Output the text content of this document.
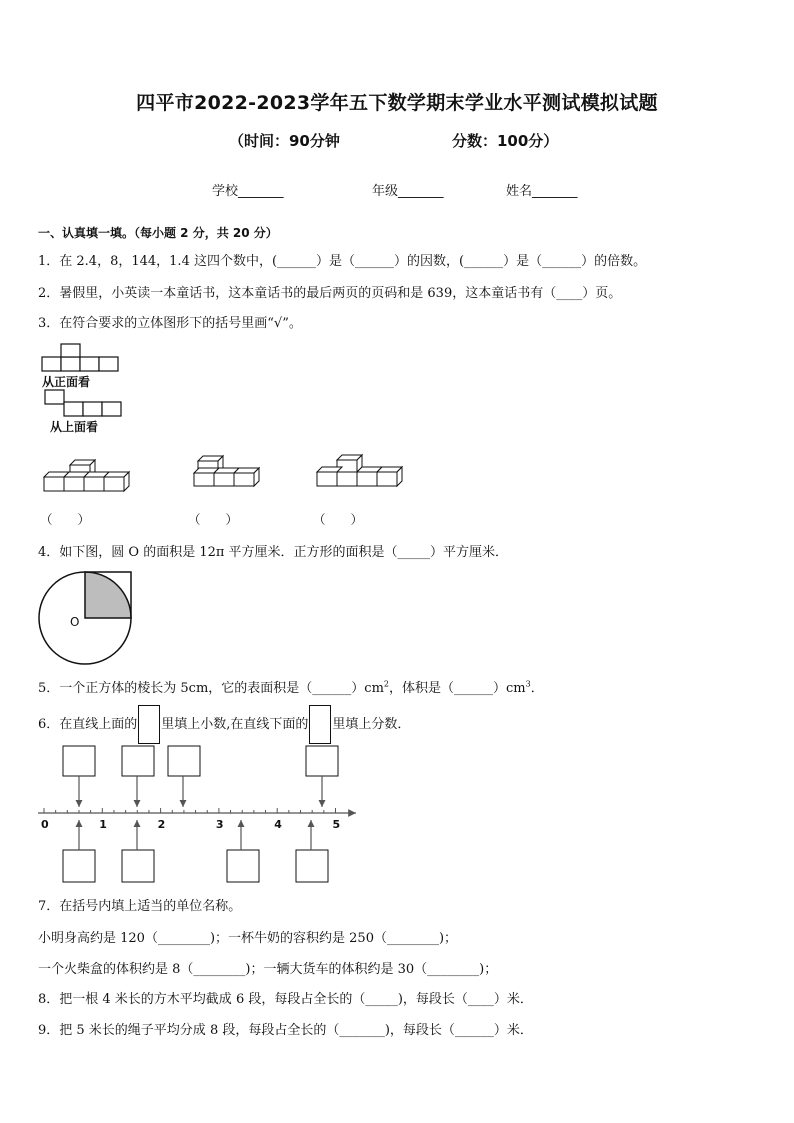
四平市2022-2023学年五下数学期末学业水平测试模拟试题
（时间：90分钟	分数：100分）
学校_______	年级_______	姓名_______
一、认真填一填。（每小题 2 分，共 20 分）
1．在 2.4，8，144，1.4 这四个数中，(______）是（______）的因数，(______）是（______）的倍数。
2．暑假里，小英读一本童话书，这本童话书的最后两页的页码和是 639，这本童话书有（____）页。
3．在符合要求的立体图形下的括号里画“√”。
从正面看
从上面看
（　　）	（　　）	（　　）
4．如下图，圆 O 的面积是 12π 平方厘米．正方形的面积是（_____）平方厘米．
O
5．一个正方体的棱长为 5cm，它的表面积是$(\_\_\_\_\_\_)cm^2$，体积是$(\_\_\_\_\_\_)cm^3$．
6．在直线上面的 里填上小数,在直线下面的 里填上分数．
0	1	2	3	4	5
7．在括号内填上适当的单位名称。
小明身高约是 120（________)；一杯牛奶的容积约是 250（________)；
一个火柴盒的体积约是 8（________)；一辆大货车的体积约是 30（________)；
8．把一根 4 米长的方木平均截成 6 段，每段占全长的（_____)，每段长（____）米．
9．把 5 米长的绳子平均分成 8 段，每段占全长的（_______)，每段长（______）米．
